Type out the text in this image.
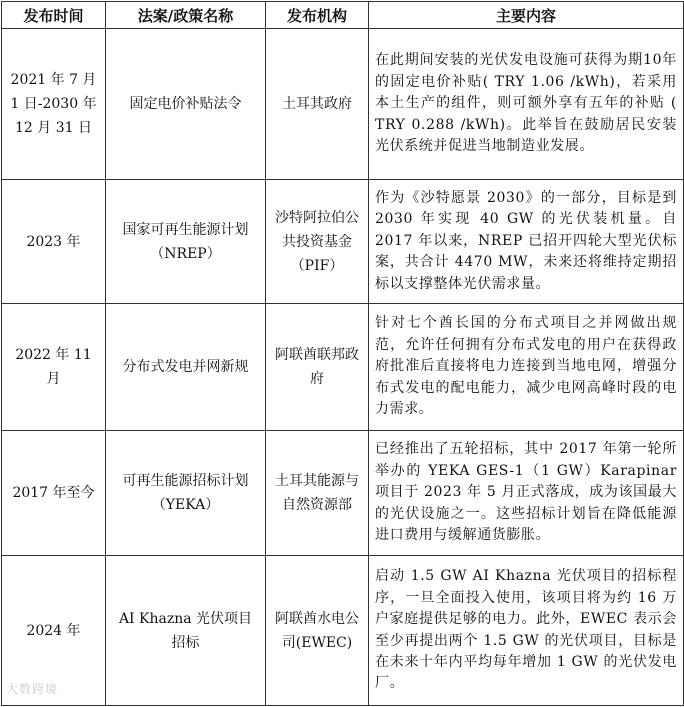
发布时间	法案/政策名称	发布机构	主要内容
2021 年 7 月 1 日-2030 年 12 月 31 日	固定电价补贴法令	土耳其政府	在此期间安装的光伏发电设施可获得为期10年的固定电价补贴( TRY 1.06 /kWh)，若采用本土生产的组件，则可额外享有五年的补贴 ( TRY 0.288 /kWh)。此举旨在鼓励居民安装光伏系统并促进当地制造业发展。
2023 年	国家可再生能源计划（NREP）	沙特阿拉伯公共投资基金（PIF）	作为《沙特愿景 2030》的一部分，目标是到 2030 年实现 40 GW 的光伏装机量。自 2017 年以来，NREP 已招开四轮大型光伏标案，共合计 4470 MW，未来还将维持定期招标以支撑整体光伏需求量。
2022 年 11 月	分布式发电并网新规	阿联酋联邦政府	针对七个酋长国的分布式项目之并网做出规范，允许任何拥有分布式发电的用户在获得政府批准后直接将电力连接到当地电网，增强分布式发电的配电能力，减少电网高峰时段的电力需求。
2017 年至今	可再生能源招标计划（YEKA）	土耳其能源与自然资源部	已经推出了五轮招标，其中 2017 年第一轮所举办的 YEKA GES-1（1 GW）Karapinar 项目于 2023 年 5 月正式落成，成为该国最大的光伏设施之一。这些招标计划旨在降低能源进口费用与缓解通货膨胀。
2024 年	AI Khazna 光伏项目招标	阿联酋水电公司(EWEC)	启动 1.5 GW AI Khazna 光伏项目的招标程序，一旦全面投入使用，该项目将为约 16 万户家庭提供足够的电力。此外，EWEC 表示会至少再提出两个 1.5 GW 的光伏项目，目标是在未来十年内平均每年增加 1 GW 的光伏发电厂。
大数跨境
